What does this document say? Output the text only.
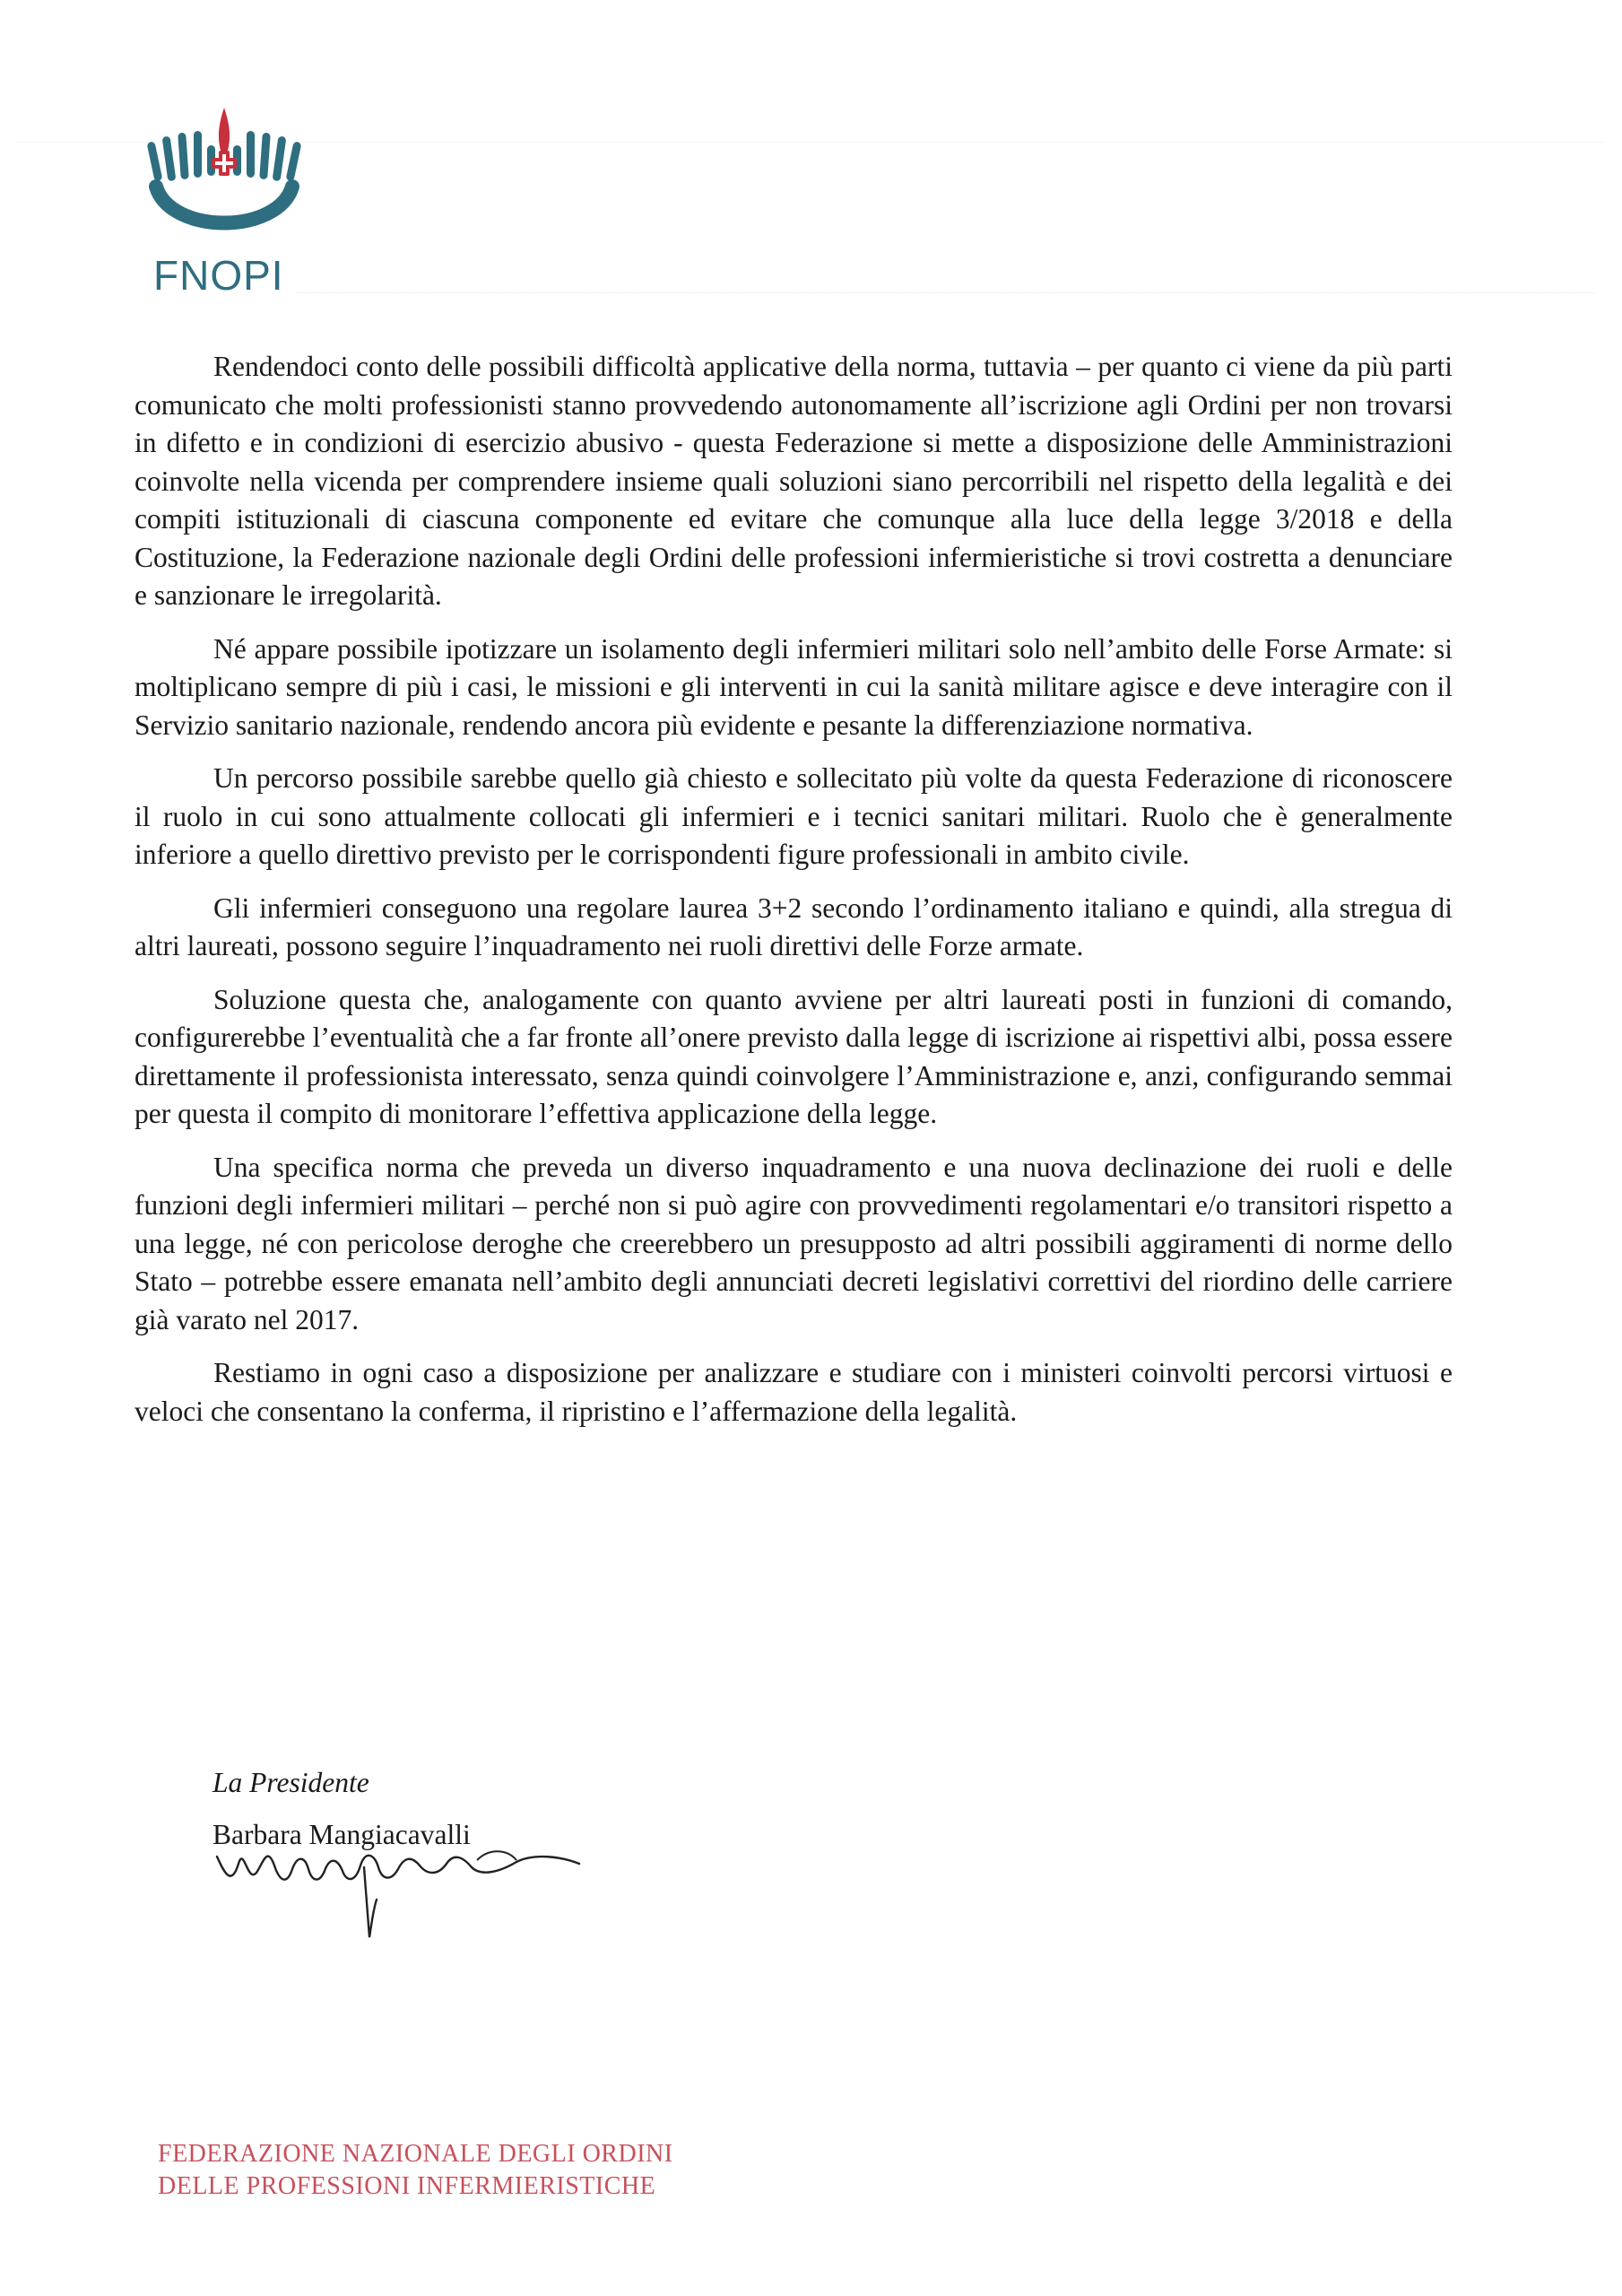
FNOPI

Rendendoci conto delle possibili difficoltà applicative della norma, tuttavia – per quanto ci viene da più parti comunicato che molti professionisti stanno provvedendo autonomamente all’iscrizione agli Ordini per non trovarsi in difetto e in condizioni di esercizio abusivo - questa Federazione si mette a disposizione delle Amministrazioni coinvolte nella vicenda per comprendere insieme quali soluzioni siano percorribili nel rispetto della legalità e dei compiti istituzionali di ciascuna componente ed evitare che comunque alla luce della legge 3/2018 e della Costituzione, la Federazione nazionale degli Ordini delle professioni infermieristiche si trovi costretta a denunciare e sanzionare le irregolarità.

Né appare possibile ipotizzare un isolamento degli infermieri militari solo nell’ambito delle Forse Armate: si moltiplicano sempre di più i casi, le missioni e gli interventi in cui la sanità militare agisce e deve interagire con il Servizio sanitario nazionale, rendendo ancora più evidente e pesante la differenziazione normativa.

Un percorso possibile sarebbe quello già chiesto e sollecitato più volte da questa Federazione di riconoscere il ruolo in cui sono attualmente collocati gli infermieri e i tecnici sanitari militari. Ruolo che è generalmente inferiore a quello direttivo previsto per le corrispondenti figure professionali in ambito civile.

Gli infermieri conseguono una regolare laurea 3+2 secondo l’ordinamento italiano e quindi, alla stregua di altri laureati, possono seguire l’inquadramento nei ruoli direttivi delle Forze armate.

Soluzione questa che, analogamente con quanto avviene per altri laureati posti in funzioni di comando, configurerebbe l’eventualità che a far fronte all’onere previsto dalla legge di iscrizione ai rispettivi albi, possa essere direttamente il professionista interessato, senza quindi coinvolgere l’Amministrazione e, anzi, configurando semmai per questa il compito di monitorare l’effettiva applicazione della legge.

Una specifica norma che preveda un diverso inquadramento e una nuova declinazione dei ruoli e delle funzioni degli infermieri militari – perché non si può agire con provvedimenti regolamentari e/o transitori rispetto a una legge, né con pericolose deroghe che creerebbero un presupposto ad altri possibili aggiramenti di norme dello Stato – potrebbe essere emanata nell’ambito degli annunciati decreti legislativi correttivi del riordino delle carriere già varato nel 2017.

Restiamo in ogni caso a disposizione per analizzare e studiare con i ministeri coinvolti percorsi virtuosi e veloci che consentano la conferma, il ripristino e l’affermazione della legalità.

La Presidente
Barbara Mangiacavalli
FEDERAZIONE NAZIONALE DEGLI ORDINI
DELLE PROFESSIONI INFERMIERISTICHE
